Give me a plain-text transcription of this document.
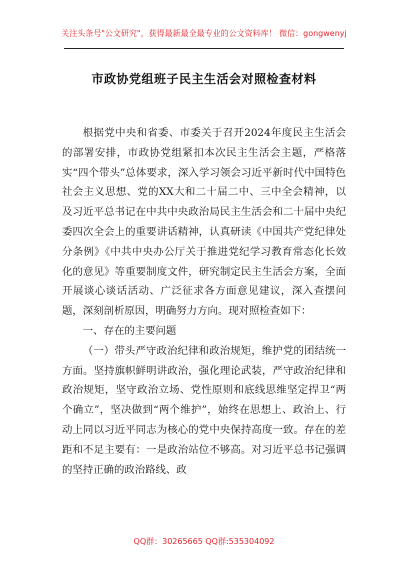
关注头条号"公文研究"，获得最新最全最专业的公文资料库！ 微信：gongwenyj
市政协党组班子民主生活会对照检查材料

根据党中央和省委、市委关于召开2024年度民主生活会的部署安排，市政协党组紧扣本次民主生活会主题，严格落实“四个带头”总体要求，深入学习领会习近平新时代中国特色社会主义思想、党的XX大和二十届二中、三中全会精神，以及习近平总书记在中共中央政治局民主生活会和二十届中央纪委四次全会上的重要讲话精神，认真研读《中国共产党纪律处分条例》《中共中央办公厅关于推进党纪学习教育常态化长效化的意见》等重要制度文件，研究制定民主生活会方案，全面开展谈心谈话活动、广泛征求各方面意见建议，深入查摆问题，深刻剖析原因，明确努力方向。现对照检查如下：

一、存在的主要问题

（一）带头严守政治纪律和政治规矩，维护党的团结统一方面。坚持旗帜鲜明讲政治，强化理论武装，严守政治纪律和政治规矩，坚守政治立场、党性原则和底线思维坚定捍卫“两个确立”，坚决做到“两个维护”，始终在思想上、政治上、行动上同以习近平同志为核心的党中央保持高度一致。存在的差距和不足主要有：一是政治站位不够高。对习近平总书记强调的坚持正确的政治路线、政

QQ群：30265665 QQ群:535304092
